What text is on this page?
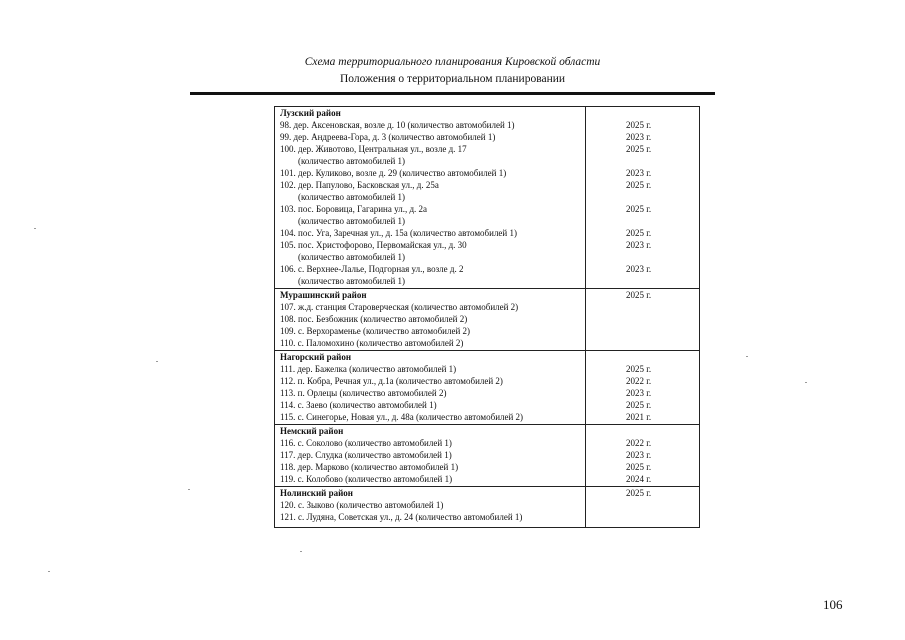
Схема территориального планирования Кировской области
Положения о территориальном планировании
Лузский район
98. дер. Аксеновская, возле д. 10 (количество автомобилей 1)	2025 г.
99. дер. Андреева-Гора, д. 3 (количество автомобилей 1)	2023 г.
100. дер. Животово, Центральная ул., возле д. 17	2025 г.
(количество автомобилей 1)
101. дер. Куликово, возле д. 29 (количество автомобилей 1)	2023 г.
102. дер. Папулово, Басковская ул., д. 25а	2025 г.
(количество автомобилей 1)
103. пос. Боровица, Гагарина ул., д. 2а	2025 г.
(количество автомобилей 1)
104. пос. Уга, Заречная ул., д. 15а (количество автомобилей 1)	2025 г.
105. пос. Христофорово, Первомайская ул., д. 30	2023 г.
(количество автомобилей 1)
106. с. Верхнее-Лалье, Подгорная ул., возле д. 2	2023 г.
(количество автомобилей 1)
Мурашинский район	2025 г.
107. ж.д. станция Староверческая (количество автомобилей 2)
108. пос. Безбожник (количество автомобилей 2)
109. с. Верхораменье (количество автомобилей 2)
110. с. Паломохино (количество автомобилей 2)
Нагорский район
111. дер. Бажелка (количество автомобилей 1)	2025 г.
112. п. Кобра, Речная ул., д.1а (количество автомобилей 2)	2022 г.
113. п. Орлецы (количество автомобилей 2)	2023 г.
114. с. Заево (количество автомобилей 1)	2025 г.
115. с. Синегорье, Новая ул., д. 48а (количество автомобилей 2)	2021 г.
Немский район
116. с. Соколово (количество автомобилей 1)	2022 г.
117. дер. Слудка (количество автомобилей 1)	2023 г.
118. дер. Марково (количество автомобилей 1)	2025 г.
119. с. Колобово (количество автомобилей 1)	2024 г.
Нолинский район	2025 г.
120. с. Зыково (количество автомобилей 1)
121. с. Лудяна, Советская ул., д. 24 (количество автомобилей 1)
106
